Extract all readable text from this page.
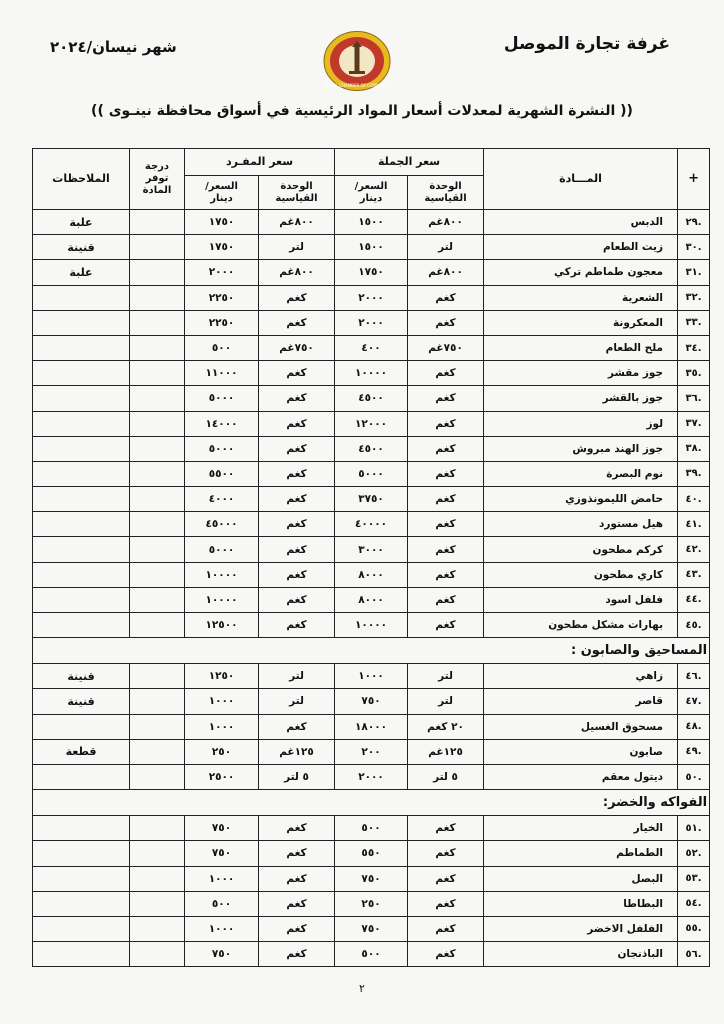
شهر نيسان/٢٠٢٤	غرفة تجارة الموصل
MOSUL CHAMBER OF COMMERCE
(( النشرة الشهرية لمعدلات أسعار المواد الرئيسية في أسواق محافظة نينـوى ))
+	المـــادة	سعر الجملة		سعر المفـرد		درجة توفر المادة	الملاحظات
		الوحدة القياسية	السعر/ دينار	الوحدة القياسية	السعر/ دينار		
.٢٩	الدبس	٨٠٠غم	١٥٠٠	٨٠٠غم	١٧٥٠		علبة
.٣٠	زيت الطعام	لتر	١٥٠٠	لتر	١٧٥٠		قنينة
.٣١	معجون طماطم تركي	٨٠٠غم	١٧٥٠	٨٠٠غم	٢٠٠٠		علبة
.٣٢	الشعرية	كغم	٢٠٠٠	كغم	٢٢٥٠		
.٣٣	المعكرونة	كغم	٢٠٠٠	كغم	٢٢٥٠		
.٣٤	ملح الطعام	٧٥٠غم	٤٠٠	٧٥٠غم	٥٠٠		
.٣٥	جوز مقشر	كغم	١٠٠٠٠	كغم	١١٠٠٠		
.٣٦	جوز بالقشر	كغم	٤٥٠٠	كغم	٥٠٠٠		
.٣٧	لوز	كغم	١٢٠٠٠	كغم	١٤٠٠٠		
.٣٨	جوز الهند مبروش	كغم	٤٥٠٠	كغم	٥٠٠٠		
.٣٩	نوم البصرة	كغم	٥٠٠٠	كغم	٥٥٠٠		
.٤٠	حامض الليمونذوزي	كغم	٣٧٥٠	كغم	٤٠٠٠		
.٤١	هيل مستورد	كغم	٤٠٠٠٠	كغم	٤٥٠٠٠		
.٤٢	كركم مطحون	كغم	٣٠٠٠	كغم	٥٠٠٠		
.٤٣	كاري مطحون	كغم	٨٠٠٠	كغم	١٠٠٠٠		
.٤٤	فلفل اسود	كغم	٨٠٠٠	كغم	١٠٠٠٠		
.٤٥	بهارات مشكل مطحون	كغم	١٠٠٠٠	كغم	١٢٥٠٠		
المساحيق والصابون :							
.٤٦	زاهي	لتر	١٠٠٠	لتر	١٢٥٠		قنينة
.٤٧	قاصر	لتر	٧٥٠	لتر	١٠٠٠		قنينة
.٤٨	مسحوق الغسيل	٢٠ كغم	١٨٠٠٠	كغم	١٠٠٠		
.٤٩	صابون	١٢٥غم	٢٠٠	١٢٥غم	٢٥٠		قطعة
.٥٠	ديتول معقم	٥ لتر	٢٠٠٠	٥ لتر	٢٥٠٠		
الفواكه والخضر:							
.٥١	الخيار	كغم	٥٠٠	كغم	٧٥٠		
.٥٢	الطماطم	كغم	٥٥٠	كغم	٧٥٠		
.٥٣	البصل	كغم	٧٥٠	كغم	١٠٠٠		
.٥٤	البطاطا	كغم	٢٥٠	كغم	٥٠٠		
.٥٥	الفلفل الاخضر	كغم	٧٥٠	كغم	١٠٠٠		
.٥٦	الباذنجان	كغم	٥٠٠	كغم	٧٥٠		
٢
